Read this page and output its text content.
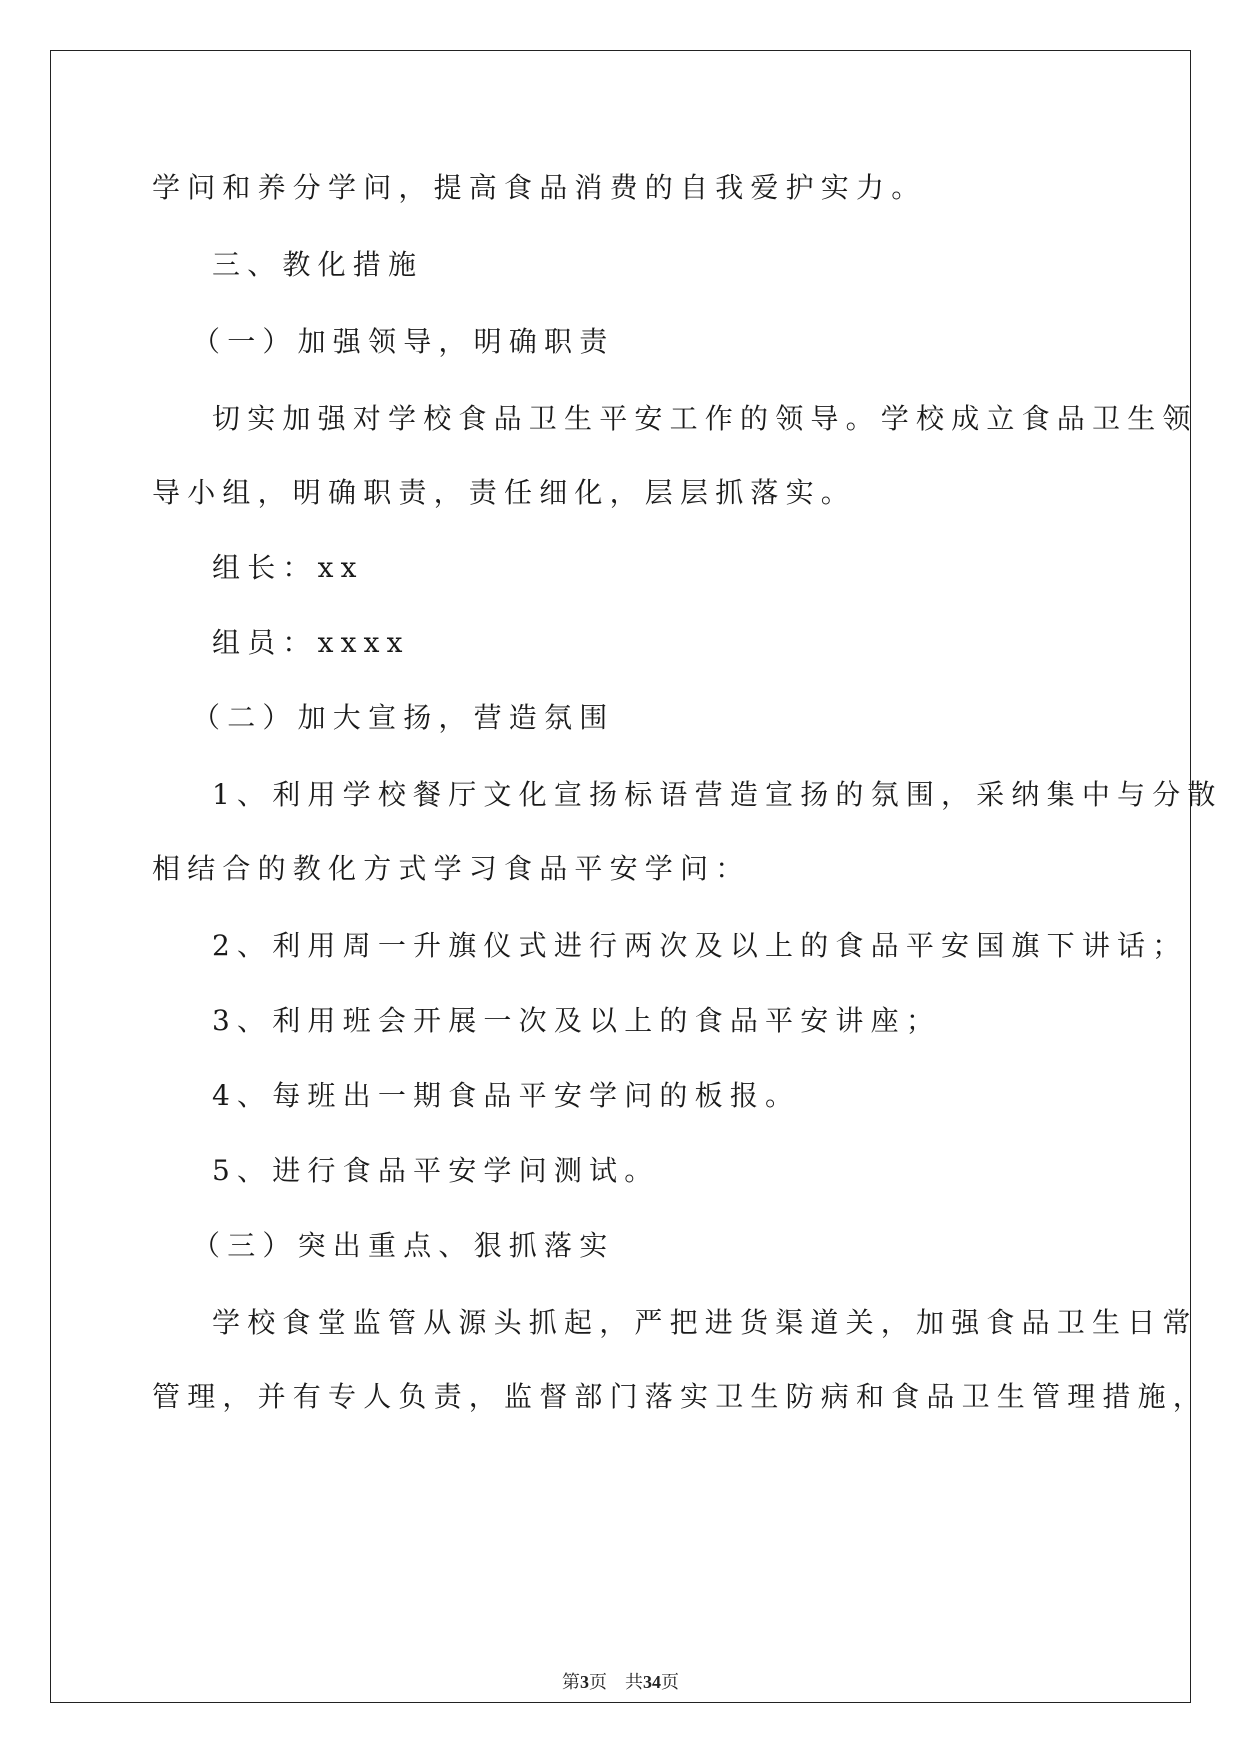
学问和养分学问，提高食品消费的自我爱护实力。
三、教化措施
（一）加强领导，明确职责
切实加强对学校食品卫生平安工作的领导。学校成立食品卫生领
导小组，明确职责，责任细化，层层抓落实。
组长：xx
组员：xxxx
（二）加大宣扬，营造氛围
1、利用学校餐厅文化宣扬标语营造宣扬的氛围，采纳集中与分散
相结合的教化方式学习食品平安学问：
2、利用周一升旗仪式进行两次及以上的食品平安国旗下讲话；
3、利用班会开展一次及以上的食品平安讲座；
4、每班出一期食品平安学问的板报。
5、进行食品平安学问测试。
（三）突出重点、狠抓落实
学校食堂监管从源头抓起，严把进货渠道关，加强食品卫生日常
管理，并有专人负责，监督部门落实卫生防病和食品卫生管理措施，
第3页 共34页
